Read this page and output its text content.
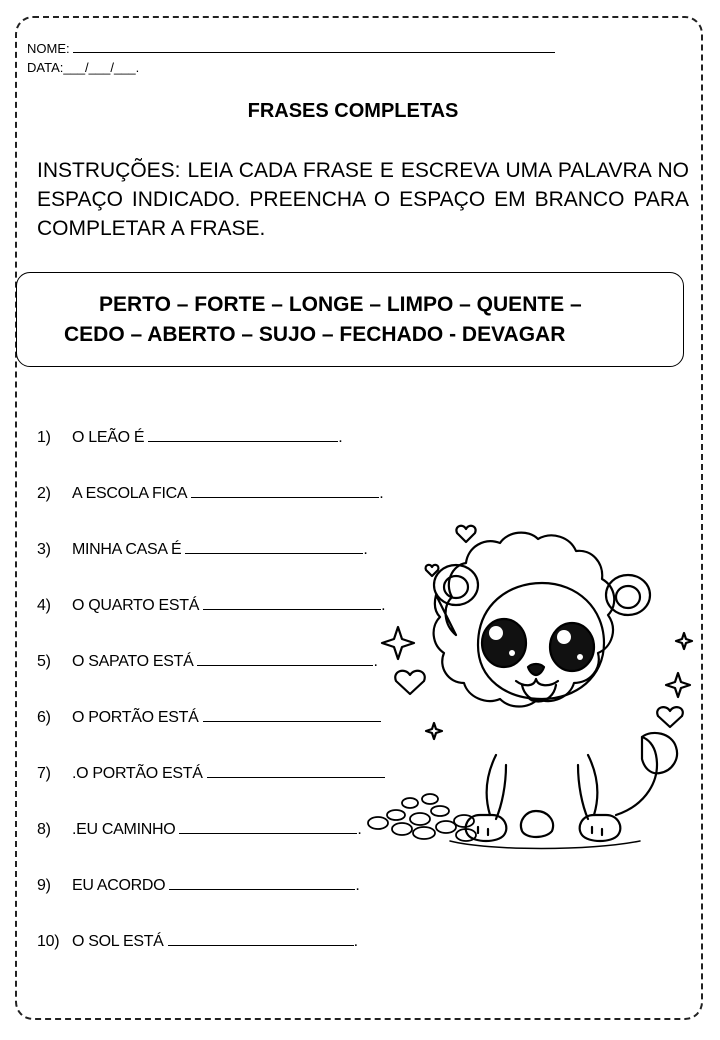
NOME:
DATA:___/___/___.
FRASES COMPLETAS
INSTRUÇÕES: LEIA CADA FRASE E ESCREVA UMA PALAVRA NO ESPAÇO INDICADO. PREENCHA O ESPAÇO EM BRANCO PARA COMPLETAR A FRASE.
PERTO – FORTE – LONGE – LIMPO – QUENTE –
CEDO – ABERTO – SUJO – FECHADO - DEVAGAR
1) O LEÃO É	.
2) A ESCOLA FICA	.
3) MINHA CASA É	.
4) O QUARTO ESTÁ	.
5) O SAPATO ESTÁ	.
6) O PORTÃO ESTÁ
7) .O PORTÃO ESTÁ
8) .EU CAMINHO	.
9) EU ACORDO	.
10) O SOL ESTÁ	.
